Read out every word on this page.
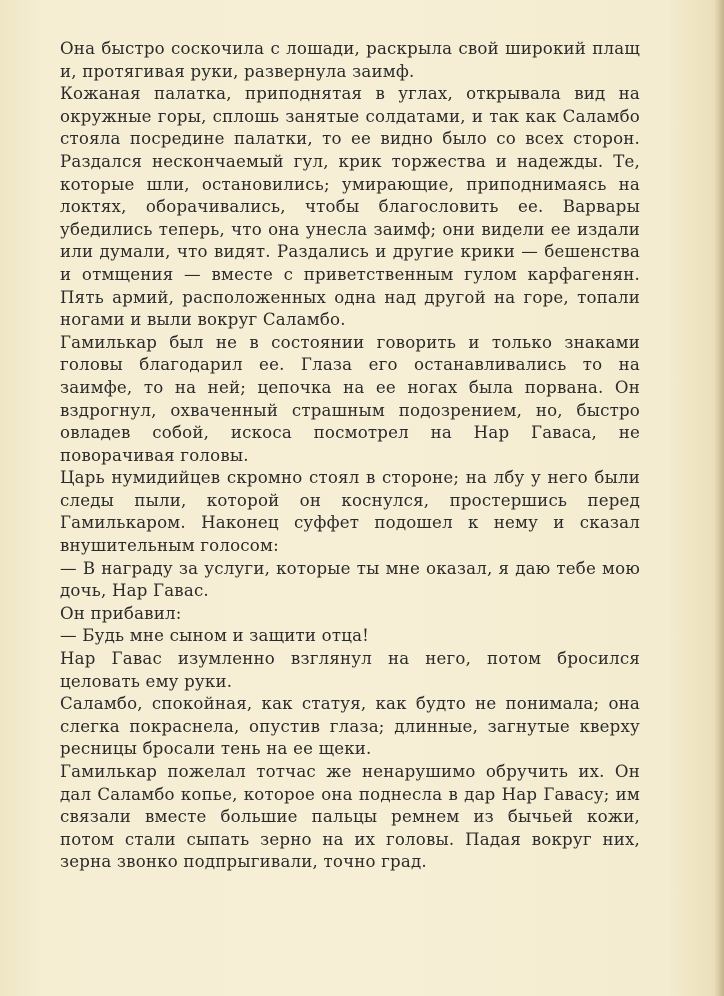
Она быстро соскочила с лошади, раскрыла свой широкий плащ и, протягивая руки, развернула заимф.

Кожаная палатка, приподнятая в углах, открывала вид на окружные горы, сплошь занятые солдатами, и так как Саламбо стояла посредине палатки, то ее видно было со всех сторон. Раздался нескончаемый гул, крик торжества и надежды. Те, которые шли, остановились; умирающие, приподнимаясь на локтях, оборачивались, чтобы благословить ее. Варвары убедились теперь, что она унесла заимф; они видели ее издали или думали, что видят. Раздались и другие крики — бешенства и отмщения — вместе с приветственным гулом карфагенян. Пять армий, расположенных одна над другой на горе, топали ногами и выли вокруг Саламбо.

Гамилькар был не в состоянии говорить и только знаками головы благодарил ее. Глаза его останавливались то на заимфе, то на ней; цепочка на ее ногах была порвана. Он вздрогнул, охваченный страшным подозрением, но, быстро овладев собой, искоса посмотрел на Нар Гаваса, не поворачивая головы.

Царь нумидийцев скромно стоял в стороне; на лбу у него были следы пыли, которой он коснулся, простершись перед Гамилькаром. Наконец суффет подошел к нему и сказал внушительным голосом:

— В награду за услуги, которые ты мне оказал, я даю тебе мою дочь, Нар Гавас.

Он прибавил:

— Будь мне сыном и защити отца!

Нар Гавас изумленно взглянул на него, потом бросился целовать ему руки.

Саламбо, спокойная, как статуя, как будто не понимала; она слегка покраснела, опустив глаза; длинные, загнутые кверху ресницы бросали тень на ее щеки.

Гамилькар пожелал тотчас же ненарушимо обручить их. Он дал Саламбо копье, которое она поднесла в дар Нар Гавасу; им связали вместе большие пальцы ремнем из бычьей кожи, потом стали сыпать зерно на их головы. Падая вокруг них, зерна звонко подпрыгивали, точно град.
